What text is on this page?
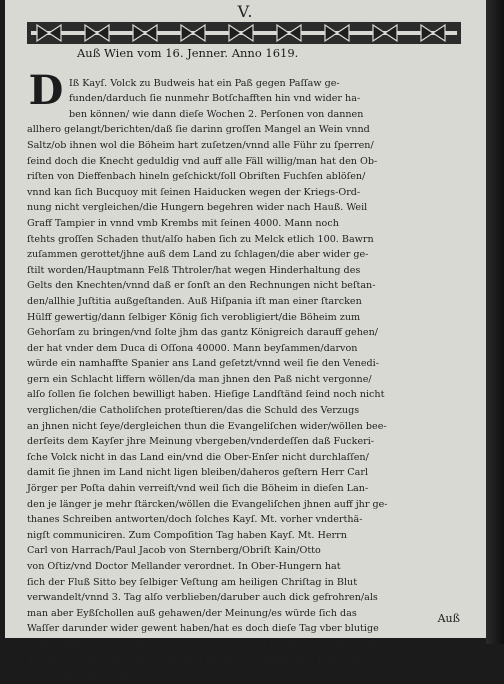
V.
Auß Wien vom 16. Jenner. Anno 1619.
D Iß Kayſ. Volck zu Budweis hat ein Paß gegen Paſſaw ge-
funden/darduch ſie nunmehr Botſchafften hin vnd wider ha-
ben können/ wie dann dieſe Wochen 2. Perſonen von dannen
allhero gelangt/berichten/daß ſie darinn groſſen Mangel an Wein vnnd
Saltz/ob ihnen wol die Böheim hart zuſetzen/vnnd alle Führ zu ſperren/
ſeind doch die Knecht geduldig vnd auff alle Fäll willig/man hat den Ob-
riſten von Dieffenbach hineln geſchickt/ſoll Obriſten Fuchſen ablöſen/
vnnd kan ſich Bucquoy mit ſeinen Haiducken wegen der Kriegs-Ord-
nung nicht vergleichen/die Hungern begehren wider nach Hauß. Weil
Graff Tampier in vnnd vmb Krembs mit ſeinen 4000. Mann noch
ſtehts groſſen Schaden thut/alſo haben ſich zu Melck etlich 100. Bawrn
zuſammen gerottet/jhne auß dem Land zu ſchlagen/die aber wider ge-
ſtilt worden/Hauptmann Felß Thtroler/hat wegen Hinderhaltung des
Gelts den Knechten/vnnd daß er ſonſt an den Rechnungen nicht beſtan-
den/allhie Juſtitia außgeſtanden. Auß Hiſpania iſt man einer ſtarcken
Hülff gewertig/dann ſelbiger König ſich verobligiert/die Böheim zum
Gehorſam zu bringen/vnd ſolte jhm das gantz Königreich darauff gehen/
der hat vnder dem Duca di Oſſona 40000. Mann beyſammen/darvon
würde ein namhaffte Spanier ans Land geſetzt/vnnd weil ſie den Venedi-
gern ein Schlacht liffern wöllen/da man jhnen den Paß nicht vergonne/
alſo ſollen ſie ſolchen bewilligt haben. Hieſige Landſtänd ſeind noch nicht
verglichen/die Catholiſchen proteſtieren/das die Schuld des Verzugs
an jhnen nicht ſeye/dergleichen thun die Evangeliſchen wider/wöllen bee-
derſeits dem Kayſer jhre Meinung vbergeben/vnderdeſſen daß Fuckeri-
ſche Volck nicht in das Land ein/vnd die Ober-Enſer nicht durchlaſſen/
damit ſie jhnen im Land nicht ligen bleiben/daheros geſtern Herr Carl
Jörger per Poſta dahin verreiſt/vnd weil ſich die Böheim in dieſen Lan-
den je länger je mehr ſtärcken/wöllen die Evangeliſchen jhnen auff jhr ge-
thanes Schreiben antworten/doch ſolches Kayſ. Mt. vorher vnderthä-
nigſt communiciren. Zum Compoſition Tag haben Kayſ. Mt. Herrn
Carl von Harrach/Paul Jacob von Sternberg/Obriſt Kain/Otto
von Oſtiz/vnd Doctor Mellander verordnet. In Ober-Hungern hat
ſich der Fluß Sitto bey ſelbiger Veſtung am heiligen Chriſtag in Blut
verwandelt/vnnd 3. Tag alſo verblieben/daruber auch dick gefrohren/als
man aber Eyßſchollen auß gehawen/der Meinung/es würde ſich das
Waſſer darunder wider gewent haben/hat es doch dieſe Tag vber blutige
Farb behalten/ſo ein böß Zeichen/weil vor dieſem ſolcher Fluß öffter alſo
geſchen worden/darauff allzeit ein Türckiſcher Einfall/oder Rebellion
erfolgt iſt/man hat ſolch Eyß nach Caſchaw gebracht.
Auß
